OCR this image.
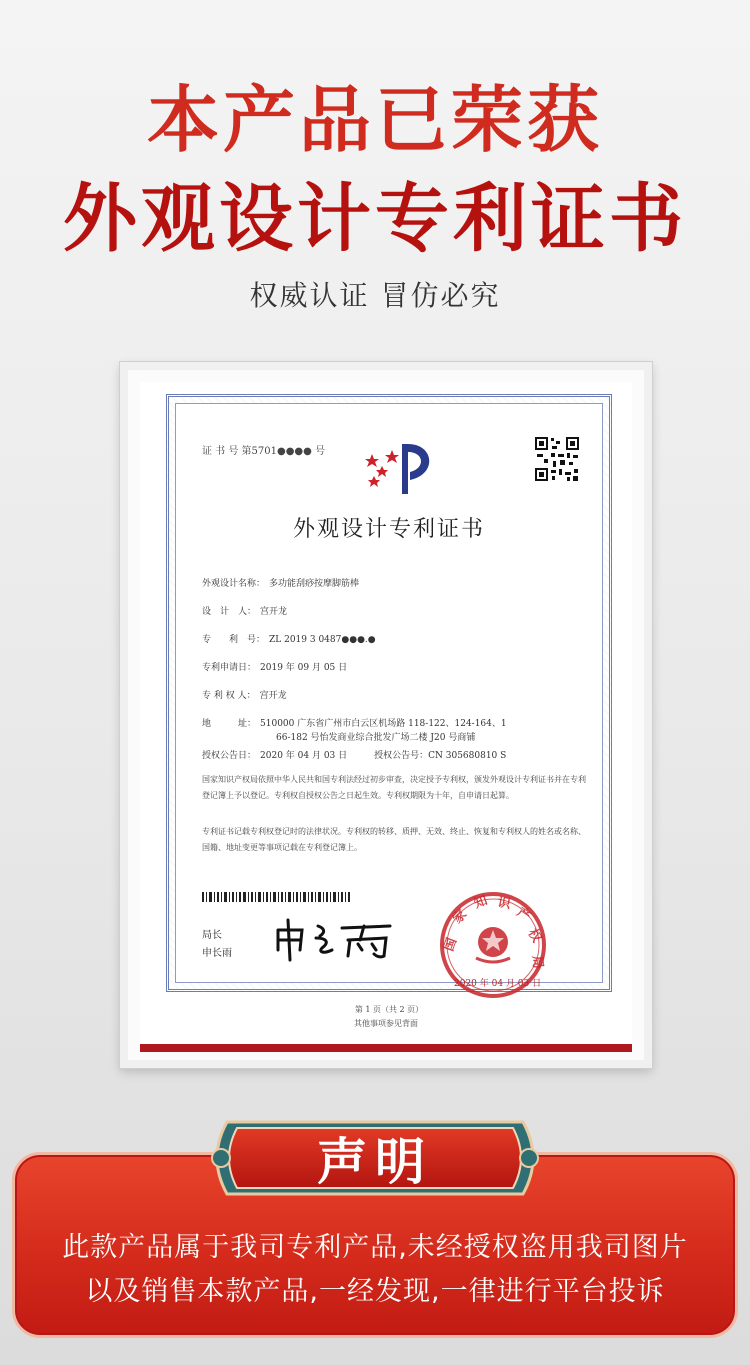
本产品已荣获
外观设计专利证书
权威认证 冒仿必究
证 书 号 第5701●●●● 号
外观设计专利证书
外观设计名称： 多功能刮痧按摩脚筋棒
设　计　人： 宫开龙
专　　利　号： ZL 2019 3 0487●●●.●
专利申请日： 2019 年 09 月 05 日
专 利 权 人： 宫开龙
地　　　址： 510000 广东省广州市白云区机场路 118-122、124-164、1
66-182 号怡发商业综合批发广场二楼 J20 号商铺
授权公告日： 2020 年 04 月 03 日　　　授权公告号：CN 305680810 S
国家知识产权局依照中华人民共和国专利法经过初步审查，决定授予专利权，颁发外观设计专利证书并在专利登记簿上予以登记。专利权自授权公告之日起生效。专利权期限为十年，自申请日起算。
专利证书记载专利权登记时的法律状况。专利权的转移、质押、无效、终止、恢复和专利权人的姓名或名称、国籍、地址变更等事项记载在专利登记簿上。
局长
申长雨
国
家
知 识
产
权
局
2020 年 04 月 03 日
第 1 页（共 2 页）
其他事项参见背面
声明
此款产品属于我司专利产品,未经授权盗用我司图片
以及销售本款产品,一经发现,一律进行平台投诉
